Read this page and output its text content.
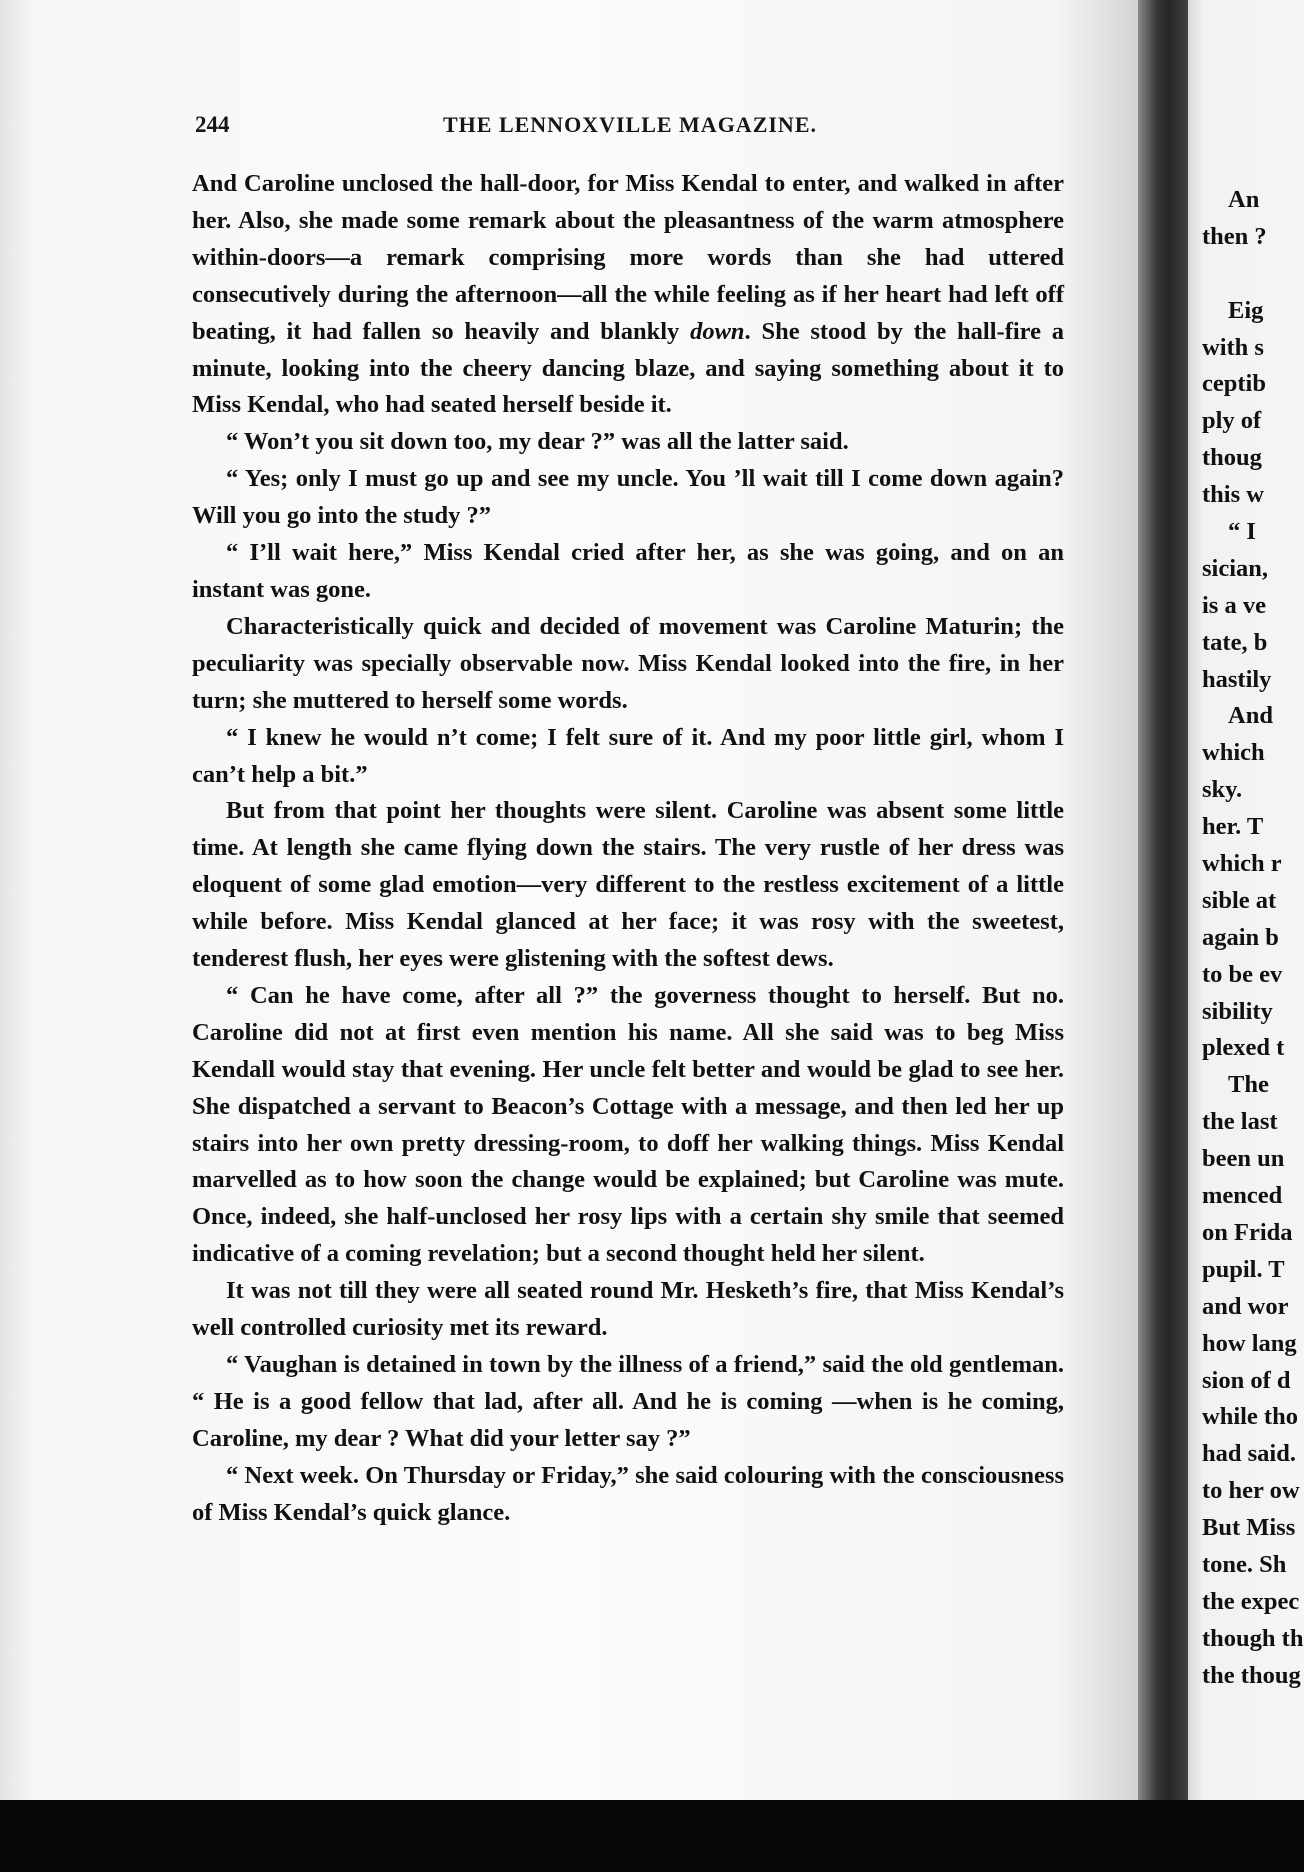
244	THE LENNOXVILLE MAGAZINE.

And Caroline unclosed the hall-door, for Miss Kendal to enter, and walked in after her. Also, she made some remark about the pleasantness of the warm atmosphere within-doors—a remark comprising more words than she had uttered consecutively during the afternoon—all the while feeling as if her heart had left off beating, it had fallen so heavily and blankly down. She stood by the hall-fire a minute, looking into the cheery dancing blaze, and saying something about it to Miss Kendal, who had seated herself beside it.

“ Won’t you sit down too, my dear ?” was all the latter said.

“ Yes; only I must go up and see my uncle. You ’ll wait till I come down again? Will you go into the study ?”

“ I’ll wait here,” Miss Kendal cried after her, as she was going, and on an instant was gone.

Characteristically quick and decided of movement was Caroline Maturin; the peculiarity was specially observable now. Miss Kendal looked into the fire, in her turn; she muttered to herself some words.

“ I knew he would n’t come; I felt sure of it. And my poor little girl, whom I can’t help a bit.”

But from that point her thoughts were silent. Caroline was absent some little time. At length she came flying down the stairs. The very rustle of her dress was eloquent of some glad emotion—very different to the restless excitement of a little while before. Miss Kendal glanced at her face; it was rosy with the sweetest, tenderest flush, her eyes were glistening with the softest dews.

“ Can he have come, after all ?” the governess thought to herself. But no. Caroline did not at first even mention his name. All she said was to beg Miss Kendall would stay that evening. Her uncle felt better and would be glad to see her. She dispatched a servant to Beacon’s Cottage with a message, and then led her up stairs into her own pretty dressing-room, to doff her walking things. Miss Kendal marvelled as to how soon the change would be explained; but Caroline was mute. Once, indeed, she half-unclosed her rosy lips with a certain shy smile that seemed indicative of a coming revelation; but a second thought held her silent.

It was not till they were all seated round Mr. Hesketh’s fire, that Miss Kendal’s well controlled curiosity met its reward.

“ Vaughan is detained in town by the illness of a friend,” said the old gentleman. “ He is a good fellow that lad, after all. And he is coming —when is he coming, Caroline, my dear ? What did your letter say ?”

“ Next week. On Thursday or Friday,” she said colouring with the consciousness of Miss Kendal’s quick glance.

An
then ?
Eig
with s
ceptib
ply of
thoug
this w
“ I
sician,
is a ve
tate, b
hastily
And
which
sky.
her. T
which r
sible at
again b
to be ev
sibility
plexed t
The
the last
been un
menced
on Frida
pupil. T
and wor
how lang
sion of d
while tho
had said.
to her ow
But Miss
tone. Sh
the expec
though th
the thoug
